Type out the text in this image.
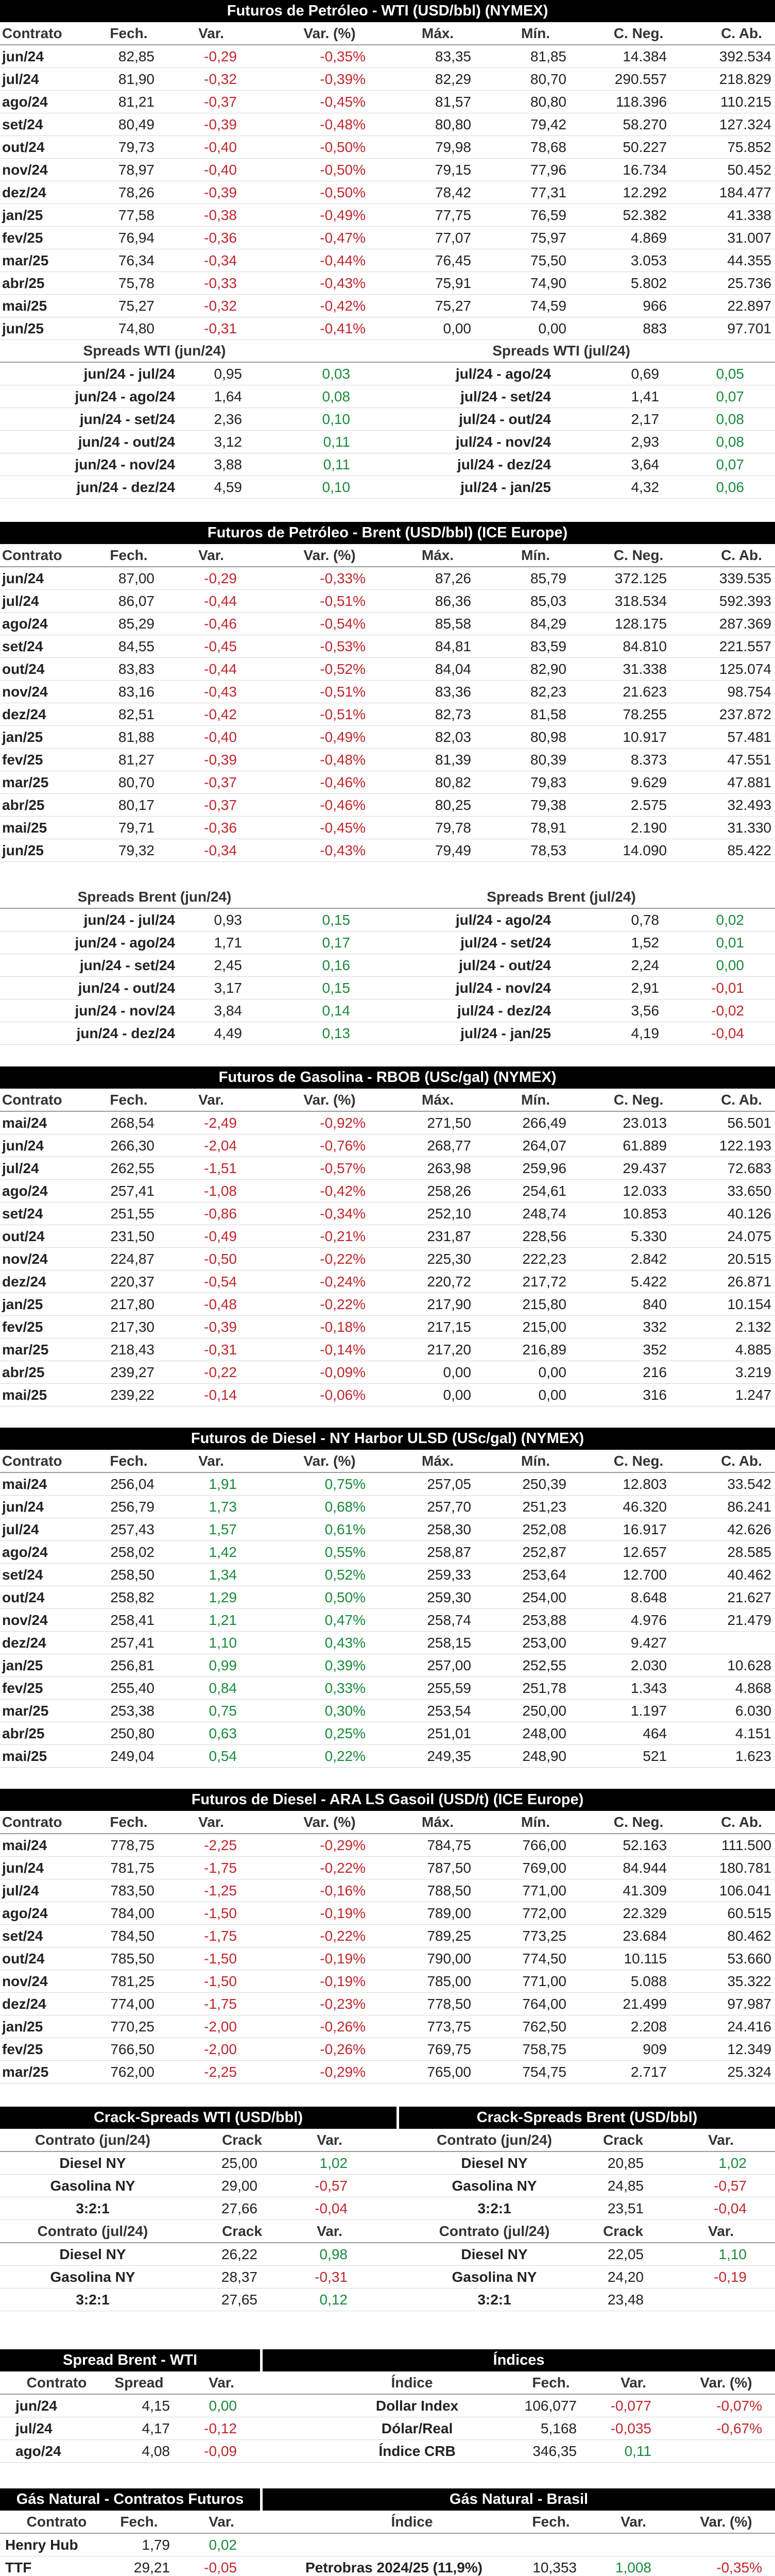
Futuros de Petróleo - WTI (USD/bbl) (NYMEX)
Contrato	Fech.	Var.	Var. (%)	Máx.	Mín.	C. Neg.	C. Ab.
jun/24	82,85	-0,29	-0,35%	83,35	81,85	14.384	392.534
jul/24	81,90	-0,32	-0,39%	82,29	80,70	290.557	218.829
ago/24	81,21	-0,37	-0,45%	81,57	80,80	118.396	110.215
set/24	80,49	-0,39	-0,48%	80,80	79,42	58.270	127.324
out/24	79,73	-0,40	-0,50%	79,98	78,68	50.227	75.852
nov/24	78,97	-0,40	-0,50%	79,15	77,96	16.734	50.452
dez/24	78,26	-0,39	-0,50%	78,42	77,31	12.292	184.477
jan/25	77,58	-0,38	-0,49%	77,75	76,59	52.382	41.338
fev/25	76,94	-0,36	-0,47%	77,07	75,97	4.869	31.007
mar/25	76,34	-0,34	-0,44%	76,45	75,50	3.053	44.355
abr/25	75,78	-0,33	-0,43%	75,91	74,90	5.802	25.736
mai/25	75,27	-0,32	-0,42%	75,27	74,59	966	22.897
jun/25	74,80	-0,31	-0,41%	0,00	0,00	883	97.701
Spreads WTI (jun/24)	Spreads WTI (jul/24)
jun/24 - jul/24	0,95	0,03	jul/24 - ago/24	0,69	0,05
jun/24 - ago/24	1,64	0,08	jul/24 - set/24	1,41	0,07
jun/24 - set/24	2,36	0,10	jul/24 - out/24	2,17	0,08
jun/24 - out/24	3,12	0,11	jul/24 - nov/24	2,93	0,08
jun/24 - nov/24	3,88	0,11	jul/24 - dez/24	3,64	0,07
jun/24 - dez/24	4,59	0,10	jul/24 - jan/25	4,32	0,06
Futuros de Petróleo - Brent (USD/bbl) (ICE Europe)
Contrato	Fech.	Var.	Var. (%)	Máx.	Mín.	C. Neg.	C. Ab.
jun/24	87,00	-0,29	-0,33%	87,26	85,79	372.125	339.535
jul/24	86,07	-0,44	-0,51%	86,36	85,03	318.534	592.393
ago/24	85,29	-0,46	-0,54%	85,58	84,29	128.175	287.369
set/24	84,55	-0,45	-0,53%	84,81	83,59	84.810	221.557
out/24	83,83	-0,44	-0,52%	84,04	82,90	31.338	125.074
nov/24	83,16	-0,43	-0,51%	83,36	82,23	21.623	98.754
dez/24	82,51	-0,42	-0,51%	82,73	81,58	78.255	237.872
jan/25	81,88	-0,40	-0,49%	82,03	80,98	10.917	57.481
fev/25	81,27	-0,39	-0,48%	81,39	80,39	8.373	47.551
mar/25	80,70	-0,37	-0,46%	80,82	79,83	9.629	47.881
abr/25	80,17	-0,37	-0,46%	80,25	79,38	2.575	32.493
mai/25	79,71	-0,36	-0,45%	79,78	78,91	2.190	31.330
jun/25	79,32	-0,34	-0,43%	79,49	78,53	14.090	85.422
Spreads Brent (jun/24)	Spreads Brent (jul/24)
jun/24 - jul/24	0,93	0,15	jul/24 - ago/24	0,78	0,02
jun/24 - ago/24	1,71	0,17	jul/24 - set/24	1,52	0,01
jun/24 - set/24	2,45	0,16	jul/24 - out/24	2,24	0,00
jun/24 - out/24	3,17	0,15	jul/24 - nov/24	2,91	-0,01
jun/24 - nov/24	3,84	0,14	jul/24 - dez/24	3,56	-0,02
jun/24 - dez/24	4,49	0,13	jul/24 - jan/25	4,19	-0,04
Futuros de Gasolina - RBOB (USc/gal) (NYMEX)
Contrato	Fech.	Var.	Var. (%)	Máx.	Mín.	C. Neg.	C. Ab.
mai/24	268,54	-2,49	-0,92%	271,50	266,49	23.013	56.501
jun/24	266,30	-2,04	-0,76%	268,77	264,07	61.889	122.193
jul/24	262,55	-1,51	-0,57%	263,98	259,96	29.437	72.683
ago/24	257,41	-1,08	-0,42%	258,26	254,61	12.033	33.650
set/24	251,55	-0,86	-0,34%	252,10	248,74	10.853	40.126
out/24	231,50	-0,49	-0,21%	231,87	228,56	5.330	24.075
nov/24	224,87	-0,50	-0,22%	225,30	222,23	2.842	20.515
dez/24	220,37	-0,54	-0,24%	220,72	217,72	5.422	26.871
jan/25	217,80	-0,48	-0,22%	217,90	215,80	840	10.154
fev/25	217,30	-0,39	-0,18%	217,15	215,00	332	2.132
mar/25	218,43	-0,31	-0,14%	217,20	216,89	352	4.885
abr/25	239,27	-0,22	-0,09%	0,00	0,00	216	3.219
mai/25	239,22	-0,14	-0,06%	0,00	0,00	316	1.247
Futuros de Diesel - NY Harbor ULSD (USc/gal) (NYMEX)
Contrato	Fech.	Var.	Var. (%)	Máx.	Mín.	C. Neg.	C. Ab.
mai/24	256,04	1,91	0,75%	257,05	250,39	12.803	33.542
jun/24	256,79	1,73	0,68%	257,70	251,23	46.320	86.241
jul/24	257,43	1,57	0,61%	258,30	252,08	16.917	42.626
ago/24	258,02	1,42	0,55%	258,87	252,87	12.657	28.585
set/24	258,50	1,34	0,52%	259,33	253,64	12.700	40.462
out/24	258,82	1,29	0,50%	259,30	254,00	8.648	21.627
nov/24	258,41	1,21	0,47%	258,74	253,88	4.976	21.479
dez/24	257,41	1,10	0,43%	258,15	253,00	9.427
jan/25	256,81	0,99	0,39%	257,00	252,55	2.030	10.628
fev/25	255,40	0,84	0,33%	255,59	251,78	1.343	4.868
mar/25	253,38	0,75	0,30%	253,54	250,00	1.197	6.030
abr/25	250,80	0,63	0,25%	251,01	248,00	464	4.151
mai/25	249,04	0,54	0,22%	249,35	248,90	521	1.623
Futuros de Diesel - ARA LS Gasoil (USD/t) (ICE Europe)
Contrato	Fech.	Var.	Var. (%)	Máx.	Mín.	C. Neg.	C. Ab.
mai/24	778,75	-2,25	-0,29%	784,75	766,00	52.163	111.500
jun/24	781,75	-1,75	-0,22%	787,50	769,00	84.944	180.781
jul/24	783,50	-1,25	-0,16%	788,50	771,00	41.309	106.041
ago/24	784,00	-1,50	-0,19%	789,00	772,00	22.329	60.515
set/24	784,50	-1,75	-0,22%	789,25	773,25	23.684	80.462
out/24	785,50	-1,50	-0,19%	790,00	774,50	10.115	53.660
nov/24	781,25	-1,50	-0,19%	785,00	771,00	5.088	35.322
dez/24	774,00	-1,75	-0,23%	778,50	764,00	21.499	97.987
jan/25	770,25	-2,00	-0,26%	773,75	762,50	2.208	24.416
fev/25	766,50	-2,00	-0,26%	769,75	758,75	909	12.349
mar/25	762,00	-2,25	-0,29%	765,00	754,75	2.717	25.324
Crack-Spreads WTI (USD/bbl)	Crack-Spreads Brent (USD/bbl)
Contrato (jun/24)	Crack	Var.	Contrato (jun/24)	Crack	Var.
Diesel NY	25,00	1,02	Diesel NY	20,85	1,02
Gasolina NY	29,00	-0,57	Gasolina NY	24,85	-0,57
3:2:1	27,66	-0,04	3:2:1	23,51	-0,04
Contrato (jul/24)	Crack	Var.	Contrato (jul/24)	Crack	Var.
Diesel NY	26,22	0,98	Diesel NY	22,05	1,10
Gasolina NY	28,37	-0,31	Gasolina NY	24,20	-0,19
3:2:1	27,65	0,12	3:2:1	23,48
Spread Brent - WTI	Índices
Contrato	Spread	Var.	Índice	Fech.	Var.	Var. (%)
jun/24	4,15	0,00	Dollar Index	106,077	-0,077	-0,07%
jul/24	4,17	-0,12	Dólar/Real	5,168	-0,035	-0,67%
ago/24	4,08	-0,09	Índice CRB	346,35	0,11
Gás Natural - Contratos Futuros	Gás Natural - Brasil
Contrato	Fech.	Var.	Índice	Fech.	Var.	Var. (%)
Henry Hub	1,79	0,02
TTF	29,21	-0,05	Petrobras 2024/25 (11,9%)	10,353	1,008	-0,35%
